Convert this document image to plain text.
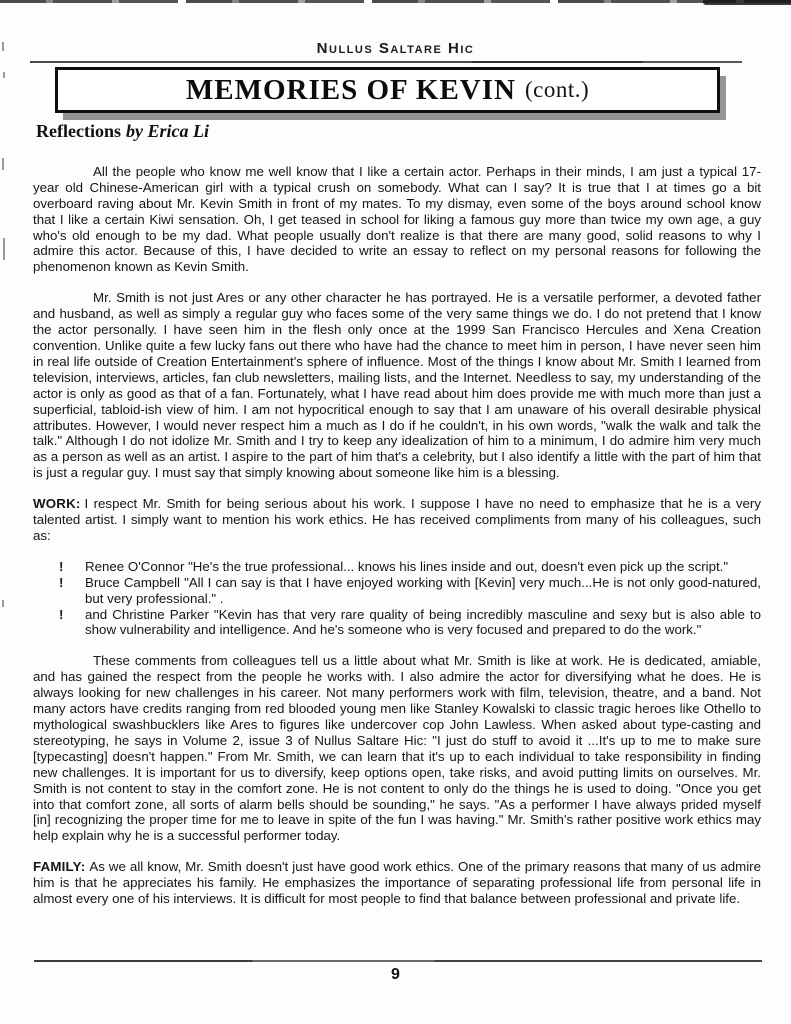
Nullus Saltare Hic
MEMORIES OF KEVIN (cont.)
Reflections by Erica Li

All the people who know me well know that I like a certain actor. Perhaps in their minds, I am just a typical 17-year old Chinese-American girl with a typical crush on somebody. What can I say? It is true that I at times go a bit overboard raving about Mr. Kevin Smith in front of my mates. To my dismay, even some of the boys around school know that I like a certain Kiwi sensation. Oh, I get teased in school for liking a famous guy more than twice my own age, a guy who's old enough to be my dad. What people usually don't realize is that there are many good, solid reasons to why I admire this actor. Because of this, I have decided to write an essay to reflect on my personal reasons for following the phenomenon known as Kevin Smith.

Mr. Smith is not just Ares or any other character he has portrayed. He is a versatile performer, a devoted father and husband, as well as simply a regular guy who faces some of the very same things we do. I do not pretend that I know the actor personally. I have seen him in the flesh only once at the 1999 San Francisco Hercules and Xena Creation convention. Unlike quite a few lucky fans out there who have had the chance to meet him in person, I have never seen him in real life outside of Creation Entertainment's sphere of influence. Most of the things I know about Mr. Smith I learned from television, interviews, articles, fan club newsletters, mailing lists, and the Internet. Needless to say, my understanding of the actor is only as good as that of a fan. Fortunately, what I have read about him does provide me with much more than just a superficial, tabloid-ish view of him. I am not hypocritical enough to say that I am unaware of his overall desirable physical attributes. However, I would never respect him a much as I do if he couldn't, in his own words, "walk the walk and talk the talk." Although I do not idolize Mr. Smith and I try to keep any idealization of him to a minimum, I do admire him very much as a person as well as an artist. I aspire to the part of him that's a celebrity, but I also identify a little with the part of him that is just a regular guy. I must say that simply knowing about someone like him is a blessing.

WORK: I respect Mr. Smith for being serious about his work. I suppose I have no need to emphasize that he is a very talented artist. I simply want to mention his work ethics. He has received compliments from many of his colleagues, such as:

! Renee O'Connor "He's the true professional... knows his lines inside and out, doesn't even pick up the script."
! Bruce Campbell "All I can say is that I have enjoyed working with [Kevin] very much...He is not only good-natured, but very professional." .
! and Christine Parker "Kevin has that very rare quality of being incredibly masculine and sexy but is also able to show vulnerability and intelligence. And he's someone who is very focused and prepared to do the work."

These comments from colleagues tell us a little about what Mr. Smith is like at work. He is dedicated, amiable, and has gained the respect from the people he works with. I also admire the actor for diversifying what he does. He is always looking for new challenges in his career. Not many performers work with film, television, theatre, and a band. Not many actors have credits ranging from red blooded young men like Stanley Kowalski to classic tragic heroes like Othello to mythological swashbucklers like Ares to figures like undercover cop John Lawless. When asked about type-casting and stereotyping, he says in Volume 2, issue 3 of Nullus Saltare Hic: "I just do stuff to avoid it ...It's up to me to make sure [typecasting] doesn't happen." From Mr. Smith, we can learn that it's up to each individual to take responsibility in finding new challenges. It is important for us to diversify, keep options open, take risks, and avoid putting limits on ourselves. Mr. Smith is not content to stay in the comfort zone. He is not content to only do the things he is used to doing. "Once you get into that comfort zone, all sorts of alarm bells should be sounding," he says. "As a performer I have always prided myself [in] recognizing the proper time for me to leave in spite of the fun I was having." Mr. Smith's rather positive work ethics may help explain why he is a successful performer today.

FAMILY: As we all know, Mr. Smith doesn't just have good work ethics. One of the primary reasons that many of us admire him is that he appreciates his family. He emphasizes the importance of separating professional life from personal life in almost every one of his interviews. It is difficult for most people to find that balance between professional and private life.

9
